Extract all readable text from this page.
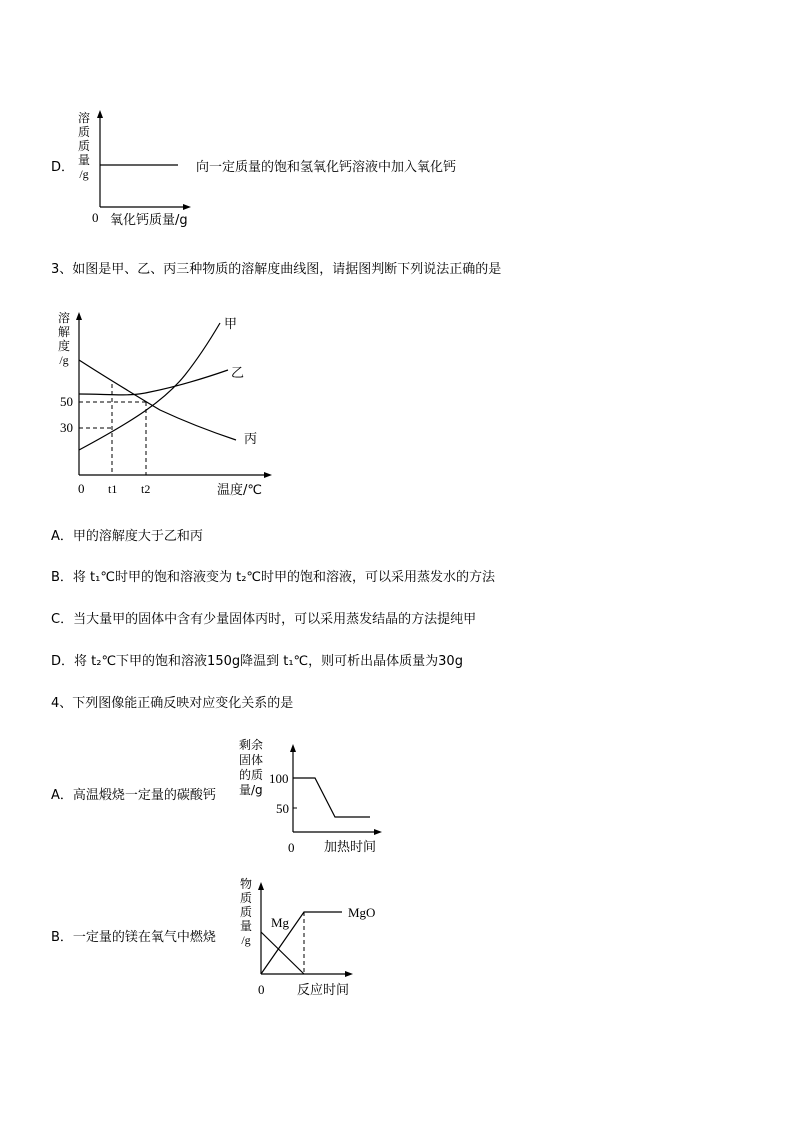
D．
溶
质
质
量
/g
0 氧化钙质量/g
向一定质量的饱和氢氧化钙溶液中加入氧化钙
3、如图是甲、乙、丙三种物质的溶解度曲线图，请据图判断下列说法正确的是
溶
解
度
/g
50
30
0 t1 t2	温度/℃
甲
乙
丙
A．甲的溶解度大于乙和丙
B．将 t₁℃时甲的饱和溶液变为 t₂℃时甲的饱和溶液，可以采用蒸发水的方法
C．当大量甲的固体中含有少量固体丙时，可以采用蒸发结晶的方法提纯甲
D．将 t₂℃下甲的饱和溶液150g降温到 t₁℃，则可析出晶体质量为30g
4、下列图像能正确反映对应变化关系的是
A．高温煅烧一定量的碳酸钙
剩余
固体
的质
量/g
100
50
0 加热时间
B．一定量的镁在氧气中燃烧
物
质
质
量
/g
Mg
MgO
0	反应时间
